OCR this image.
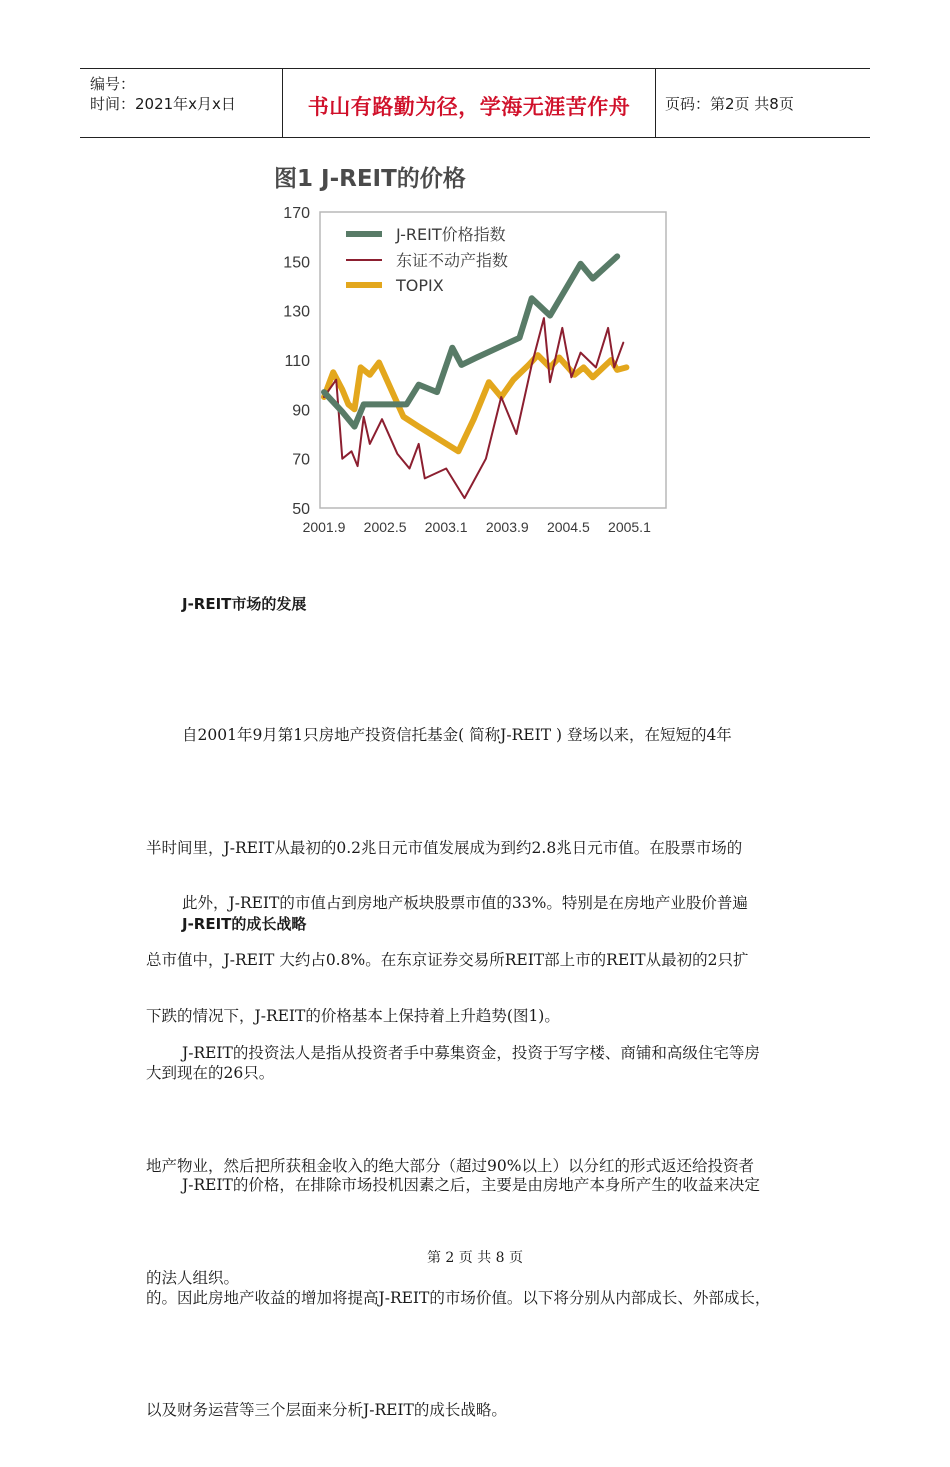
编号：
时间：2021年x月x日	书山有路勤为径，学海无涯苦作舟	页码：第2页 共8页
图1 J-REIT的价格
50
70
90
110
130
150
170
2001.9 2002.5 2003.1 2003.9 2004.5 2005.1
J-REIT价格指数
东证不动产指数
TOPIX
J-REIT市场的发展

自2001年9月第1只房地产投资信托基金( 简称J-REIT ) 登场以来，在短短的4年

半时间里，J-REIT从最初的0.2兆日元市值发展成为到约2.8兆日元市值。在股票市场的

总市值中，J-REIT 大约占0.8%。在东京证券交易所REIT部上市的REIT从最初的2只扩

大到现在的26只。

此外，J-REIT的市值占到房地产板块股票市值的33%。特别是在房地产业股价普遍

下跌的情况下，J-REIT的价格基本上保持着上升趋势(图1)。

J-REIT的成长战略

J-REIT的投资法人是指从投资者手中募集资金，投资于写字楼、商铺和高级住宅等房

地产物业，然后把所获租金收入的绝大部分（超过90%以上）以分红的形式返还给投资者

的法人组织。

J-REIT的价格，在排除市场投机因素之后，主要是由房地产本身所产生的收益来决定

的。因此房地产收益的增加将提高J-REIT的市场价值。以下将分别从内部成长、外部成长，

以及财务运营等三个层面来分析J-REIT的成长战略。

第 2 页 共 8 页
